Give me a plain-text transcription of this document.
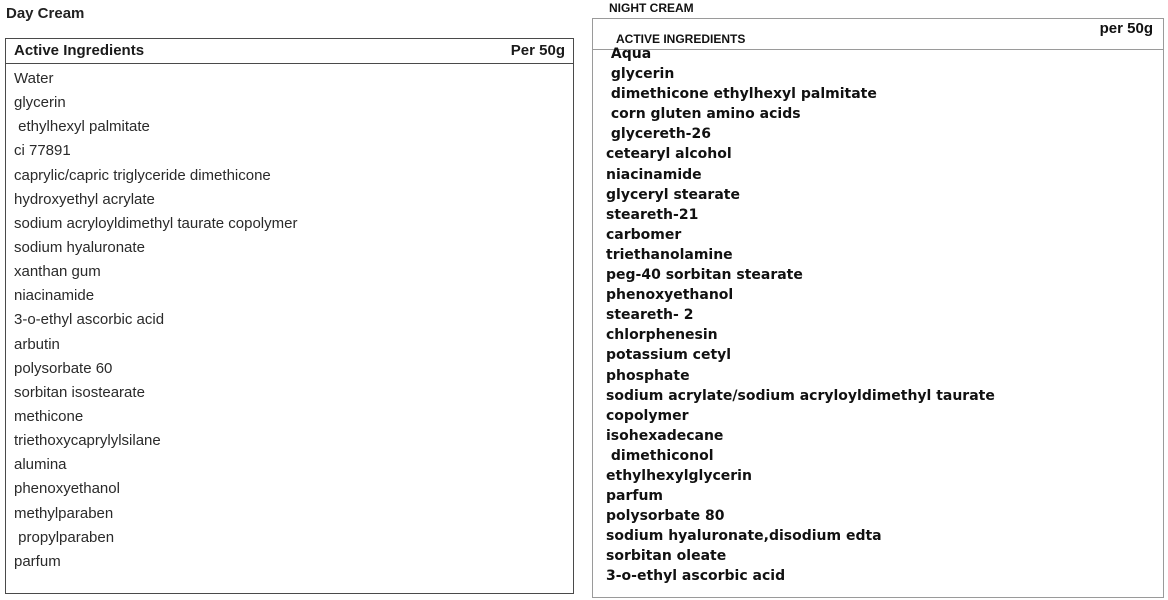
Day Cream
Active Ingredients	Per 50g
Water
glycerin
ethylhexyl palmitate
ci 77891
caprylic/capric triglyceride dimethicone
hydroxyethyl acrylate
sodium acryloyldimethyl taurate copolymer
sodium hyaluronate
xanthan gum
niacinamide
3-o-ethyl ascorbic acid
arbutin
polysorbate 60
sorbitan isostearate
methicone
triethoxycaprylylsilane
alumina
phenoxyethanol
methylparaben
propylparaben
parfum
NIGHT CREAM
per 50g
ACTIVE INGREDIENTS
Aqua
glycerin
dimethicone ethylhexyl palmitate
corn gluten amino acids
glycereth-26
cetearyl alcohol
niacinamide
glyceryl stearate
steareth-21
carbomer
triethanolamine
peg-40 sorbitan stearate
phenoxyethanol
steareth- 2
chlorphenesin
potassium cetyl
phosphate
sodium acrylate/sodium acryloyldimethyl taurate
copolymer
isohexadecane
dimethiconol
ethylhexylglycerin
parfum
polysorbate 80
sodium hyaluronate,disodium edta
sorbitan oleate
3-o-ethyl ascorbic acid
